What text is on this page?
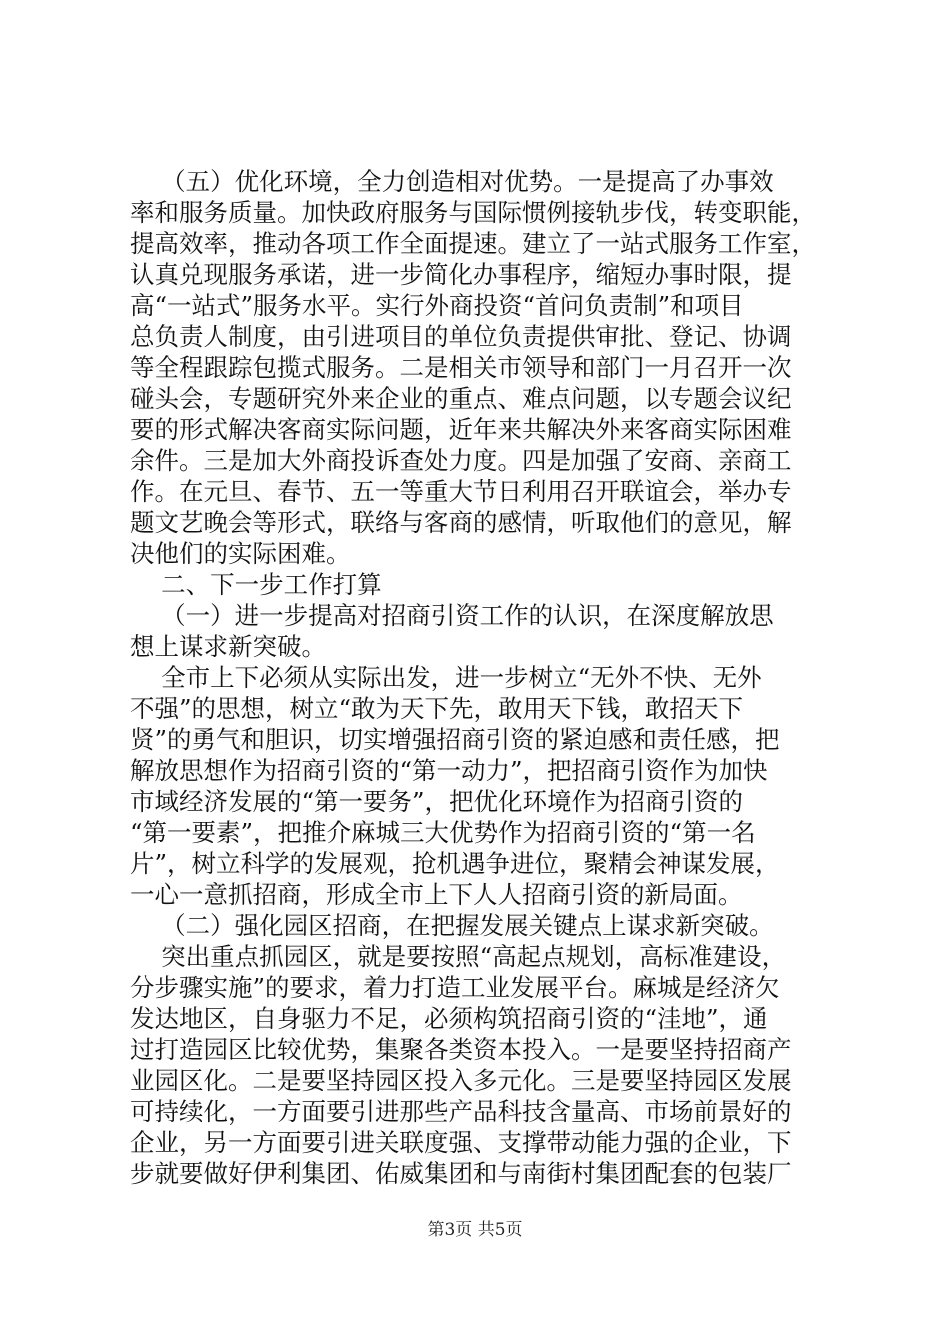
（五）优化环境，全力创造相对优势。一是提高了办事效
率和服务质量。加快政府服务与国际惯例接轨步伐，转变职能，
提高效率，推动各项工作全面提速。建立了一站式服务工作室，
认真兑现服务承诺，进一步简化办事程序，缩短办事时限，提
高“一站式”服务水平。实行外商投资“首问负责制”和项目
总负责人制度，由引进项目的单位负责提供审批、登记、协调
等全程跟踪包揽式服务。二是相关市领导和部门一月召开一次
碰头会，专题研究外来企业的重点、难点问题，以专题会议纪
要的形式解决客商实际问题，近年来共解决外来客商实际困难
余件。三是加大外商投诉查处力度。四是加强了安商、亲商工
作。在元旦、春节、五一等重大节日利用召开联谊会，举办专
题文艺晚会等形式，联络与客商的感情，听取他们的意见，解
决他们的实际困难。
二、下一步工作打算
（一）进一步提高对招商引资工作的认识，在深度解放思
想上谋求新突破。
全市上下必须从实际出发，进一步树立“无外不快、无外
不强”的思想，树立“敢为天下先，敢用天下钱，敢招天下
贤”的勇气和胆识，切实增强招商引资的紧迫感和责任感，把
解放思想作为招商引资的“第一动力”，把招商引资作为加快
市域经济发展的“第一要务”，把优化环境作为招商引资的
“第一要素”，把推介麻城三大优势作为招商引资的“第一名
片”，树立科学的发展观，抢机遇争进位，聚精会神谋发展，
一心一意抓招商，形成全市上下人人招商引资的新局面。
（二）强化园区招商，在把握发展关键点上谋求新突破。
突出重点抓园区，就是要按照“高起点规划，高标准建设，
分步骤实施”的要求，着力打造工业发展平台。麻城是经济欠
发达地区，自身驱力不足，必须构筑招商引资的“洼地”，通
过打造园区比较优势，集聚各类资本投入。一是要坚持招商产
业园区化。二是要坚持园区投入多元化。三是要坚持园区发展
可持续化，一方面要引进那些产品科技含量高、市场前景好的
企业，另一方面要引进关联度强、支撑带动能力强的企业，下
步就要做好伊利集团、佑威集团和与南街村集团配套的包装厂
第3页 共5页
